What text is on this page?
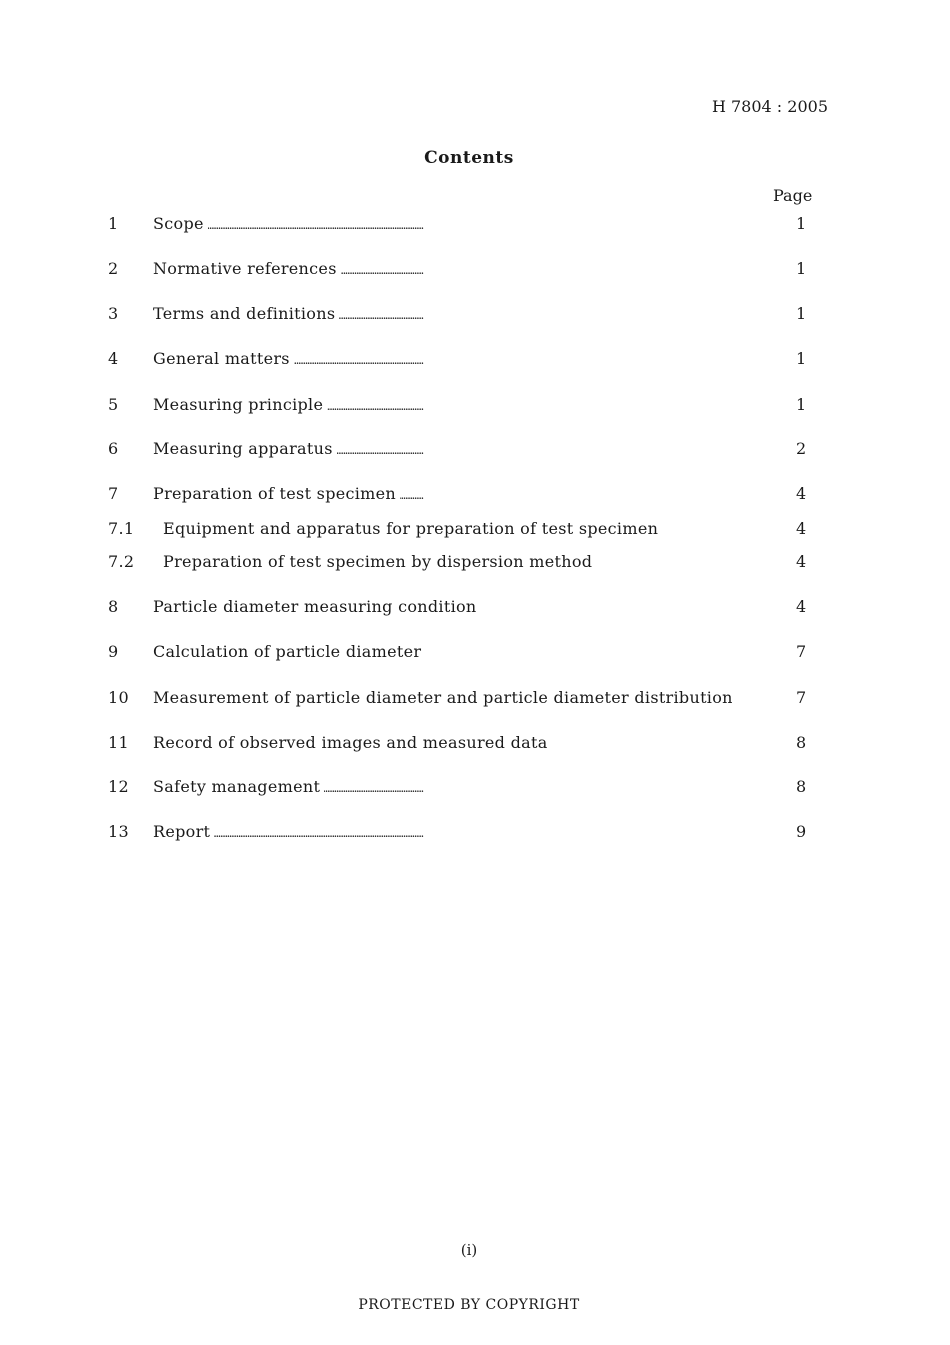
H 7804 : 2005
Contents
Page
1 Scope . . .	1
2 Normative references . . .	1
3 Terms and definitions . . .	1
4 General matters . . .	1
5 Measuring principle . . .	1
6 Measuring apparatus . . .	2
7 Preparation of test specimen . . .	4
7.1 Equipment and apparatus for preparation of test specimen . . .	4
7.2 Preparation of test specimen by dispersion method . . .	4
8 Particle diameter measuring condition . . .	4
9 Calculation of particle diameter . . .	7
10 Measurement of particle diameter and particle diameter distribution . . .	7
11 Record of observed images and measured data . . .	8
12 Safety management . . .	8
13 Report . . .	9
(i)
PROTECTED BY COPYRIGHT
